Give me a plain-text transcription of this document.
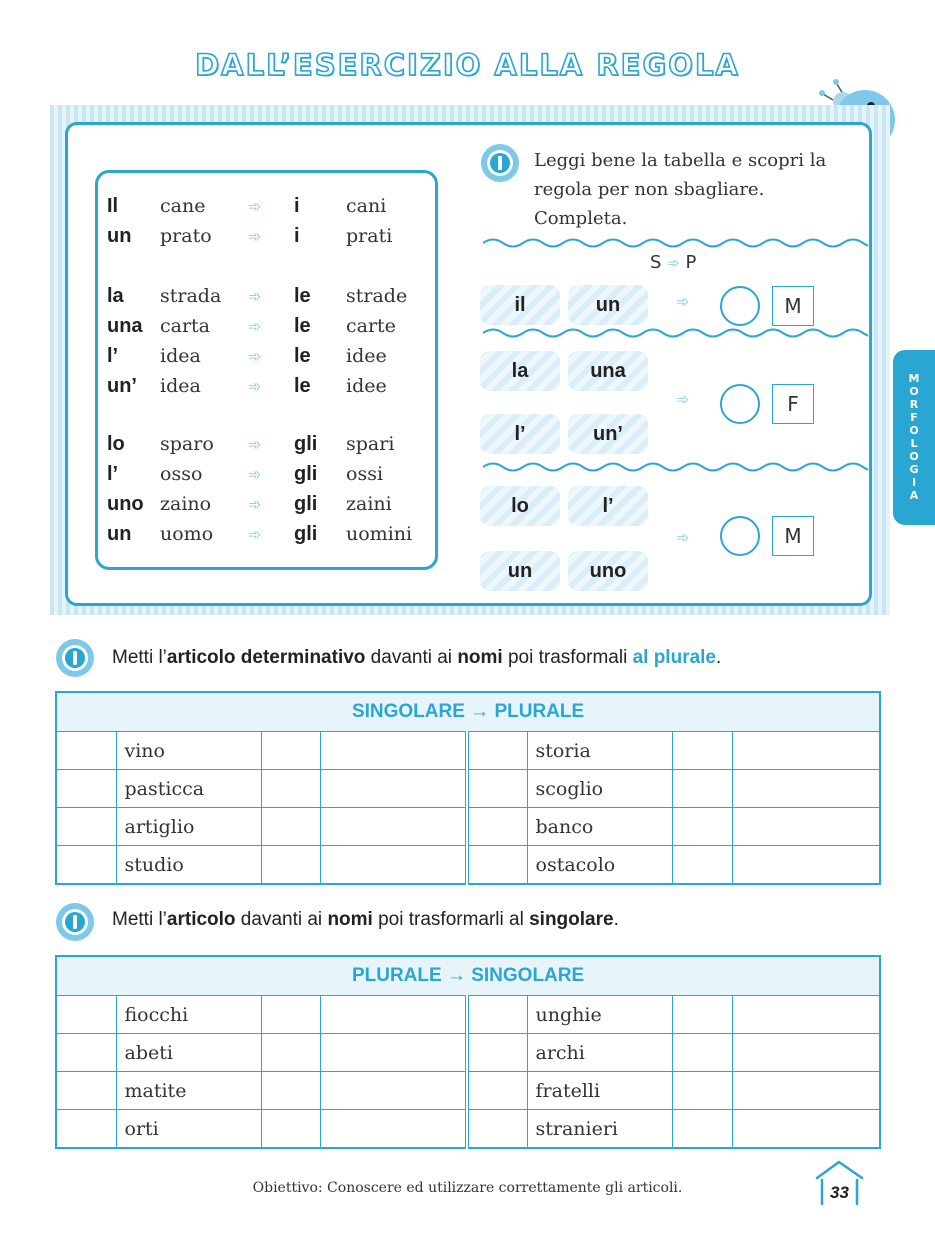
DALL’ESERCIZIO ALLA REGOLA
M
O
R
F
O
L
O
G
I
A
Il cane	➾ i cani
un prato ➾ i prati
la strada ➾ le strade
una carta ➾ le carte
l’ idea	➾ le idee
un’ idea	➾ le idee
lo sparo ➾ gli spari
l’ osso	➾ gli ossi
uno zaino ➾ gli zaini
un uomo ➾ gli uomini
Leggi bene la tabella e scopri la regola per non sbagliare. Completa.
S ➾ P
il	un	➾	M
la	una
l’	un’
➾	F
lo	l’
un	uno
➾	M
Metti l’articolo determinativo davanti ai nomi poi trasformali al plurale.
SINGOLARE → PLURALE							
	vino				storia		
	pasticca				scoglio		
	artiglio				banco		
	studio				ostacolo		
Metti l’articolo davanti ai nomi poi trasformarli al singolare.
PLURALE → SINGOLARE							
	fiocchi				unghie		
	abeti				archi		
	matite				fratelli		
	orti				stranieri		
Obiettivo: Conoscere ed utilizzare correttamente gli articoli.	33
